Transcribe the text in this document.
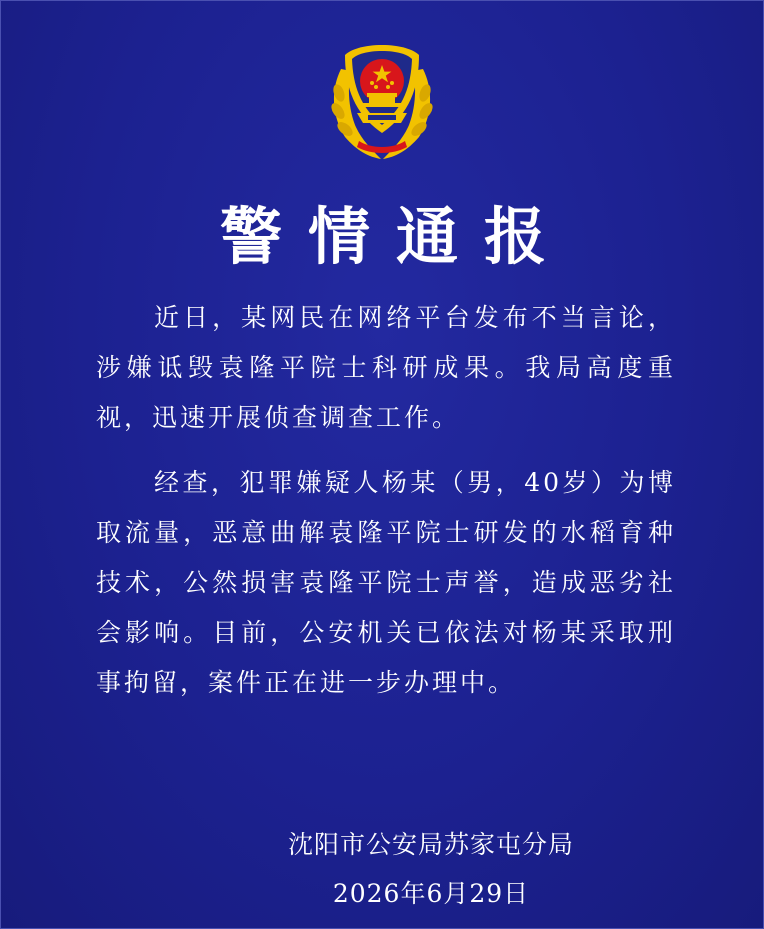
警情通报

近日，某网民在网络平台发布不当言论，涉嫌诋毁袁隆平院士科研成果。我局高度重视，迅速开展侦查调查工作。

经查，犯罪嫌疑人杨某（男，40岁）为博取流量，恶意曲解袁隆平院士研发的水稻育种技术，公然损害袁隆平院士声誉，造成恶劣社会影响。目前，公安机关已依法对杨某采取刑事拘留，案件正在进一步办理中。

沈阳市公安局苏家屯分局
2026年6月29日
